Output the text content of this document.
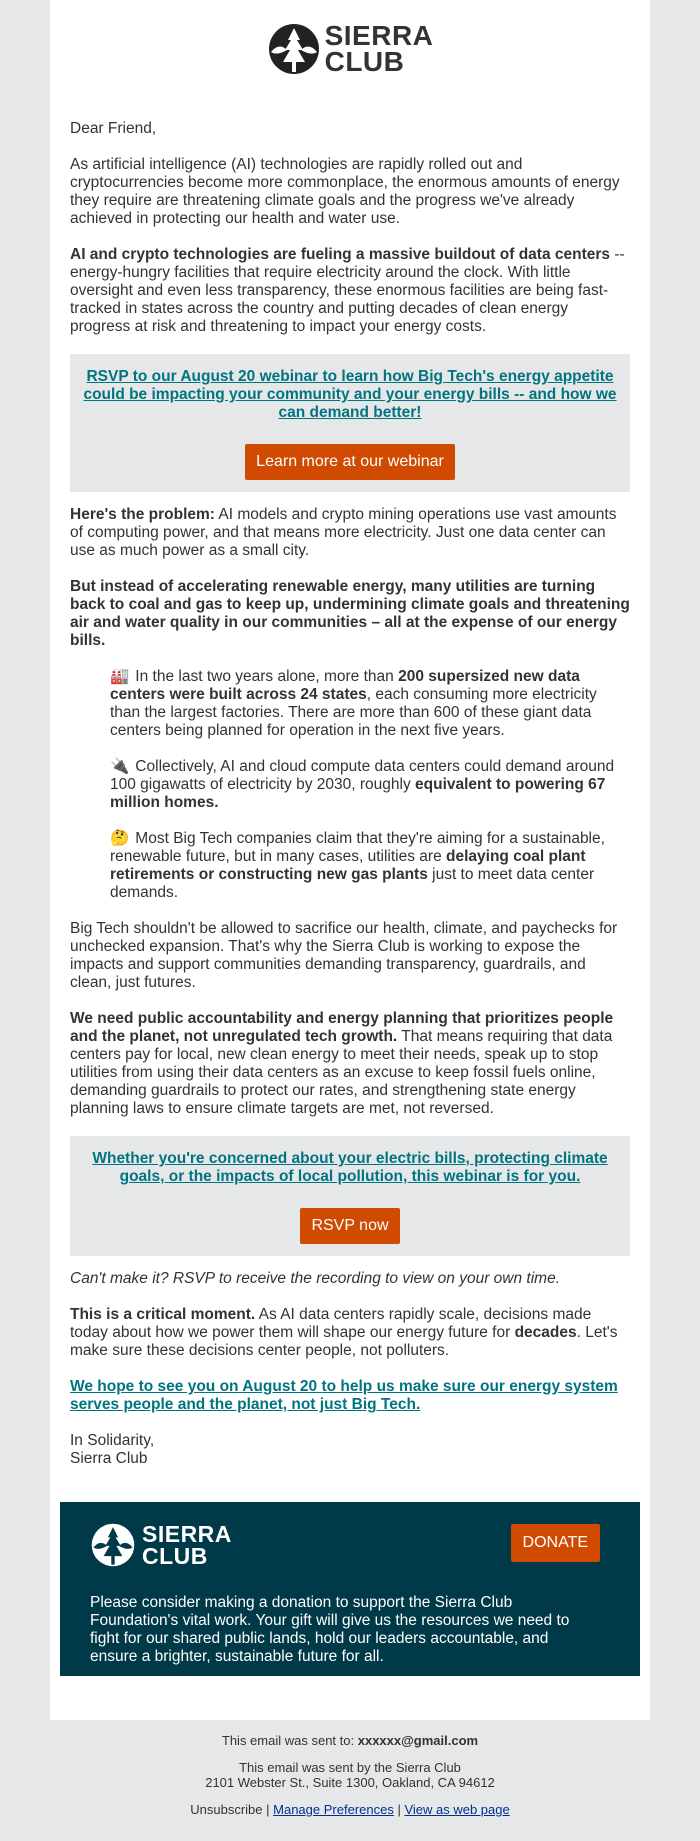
SIERRA
CLUB

Dear Friend,

As artificial intelligence (AI) technologies are rapidly rolled out and cryptocurrencies become more commonplace, the enormous amounts of energy they require are threatening climate goals and the progress we've already achieved in protecting our health and water use.

AI and crypto technologies are fueling a massive buildout of data centers -- energy-hungry facilities that require electricity around the clock. With little oversight and even less transparency, these enormous facilities are being fast-tracked in states across the country and putting decades of clean energy progress at risk and threatening to impact your energy costs.

RSVP to our August 20 webinar to learn how Big Tech's energy appetite could be impacting your community and your energy bills -- and how we can demand better!
Learn more at our webinar

Here's the problem: AI models and crypto mining operations use vast amounts of computing power, and that means more electricity. Just one data center can use as much power as a small city.

But instead of accelerating renewable energy, many utilities are turning back to coal and gas to keep up, undermining climate goals and threatening air and water quality in our communities – all at the expense of our energy bills.

🏭 In the last two years alone, more than 200 supersized new data centers were built across 24 states, each consuming more electricity than the largest factories. There are more than 600 of these giant data centers being planned for operation in the next five years.

🔌 Collectively, AI and cloud compute data centers could demand around 100 gigawatts of electricity by 2030, roughly equivalent to powering 67 million homes.

🤔 Most Big Tech companies claim that they're aiming for a sustainable, renewable future, but in many cases, utilities are delaying coal plant retirements or constructing new gas plants just to meet data center demands.

Big Tech shouldn't be allowed to sacrifice our health, climate, and paychecks for unchecked expansion. That's why the Sierra Club is working to expose the impacts and support communities demanding transparency, guardrails, and clean, just futures.

We need public accountability and energy planning that prioritizes people and the planet, not unregulated tech growth. That means requiring that data centers pay for local, new clean energy to meet their needs, speak up to stop utilities from using their data centers as an excuse to keep fossil fuels online, demanding guardrails to protect our rates, and strengthening state energy planning laws to ensure climate targets are met, not reversed.

Whether you're concerned about your electric bills, protecting climate goals, or the impacts of local pollution, this webinar is for you.
RSVP now

Can't make it? RSVP to receive the recording to view on your own time.

This is a critical moment. As AI data centers rapidly scale, decisions made today about how we power them will shape our energy future for decades. Let's make sure these decisions center people, not polluters.

We hope to see you on August 20 to help us make sure our energy system serves people and the planet, not just Big Tech.

In Solidarity,
Sierra Club

SIERRA
CLUB
DONATE
Please consider making a donation to support the Sierra Club Foundation's vital work. Your gift will give us the resources we need to fight for our shared public lands, hold our leaders accountable, and ensure a brighter, sustainable future for all.

This email was sent to: xxxxxx@gmail.com

This email was sent by the Sierra Club
2101 Webster St., Suite 1300, Oakland, CA 94612

Unsubscribe | Manage Preferences | View as web page
